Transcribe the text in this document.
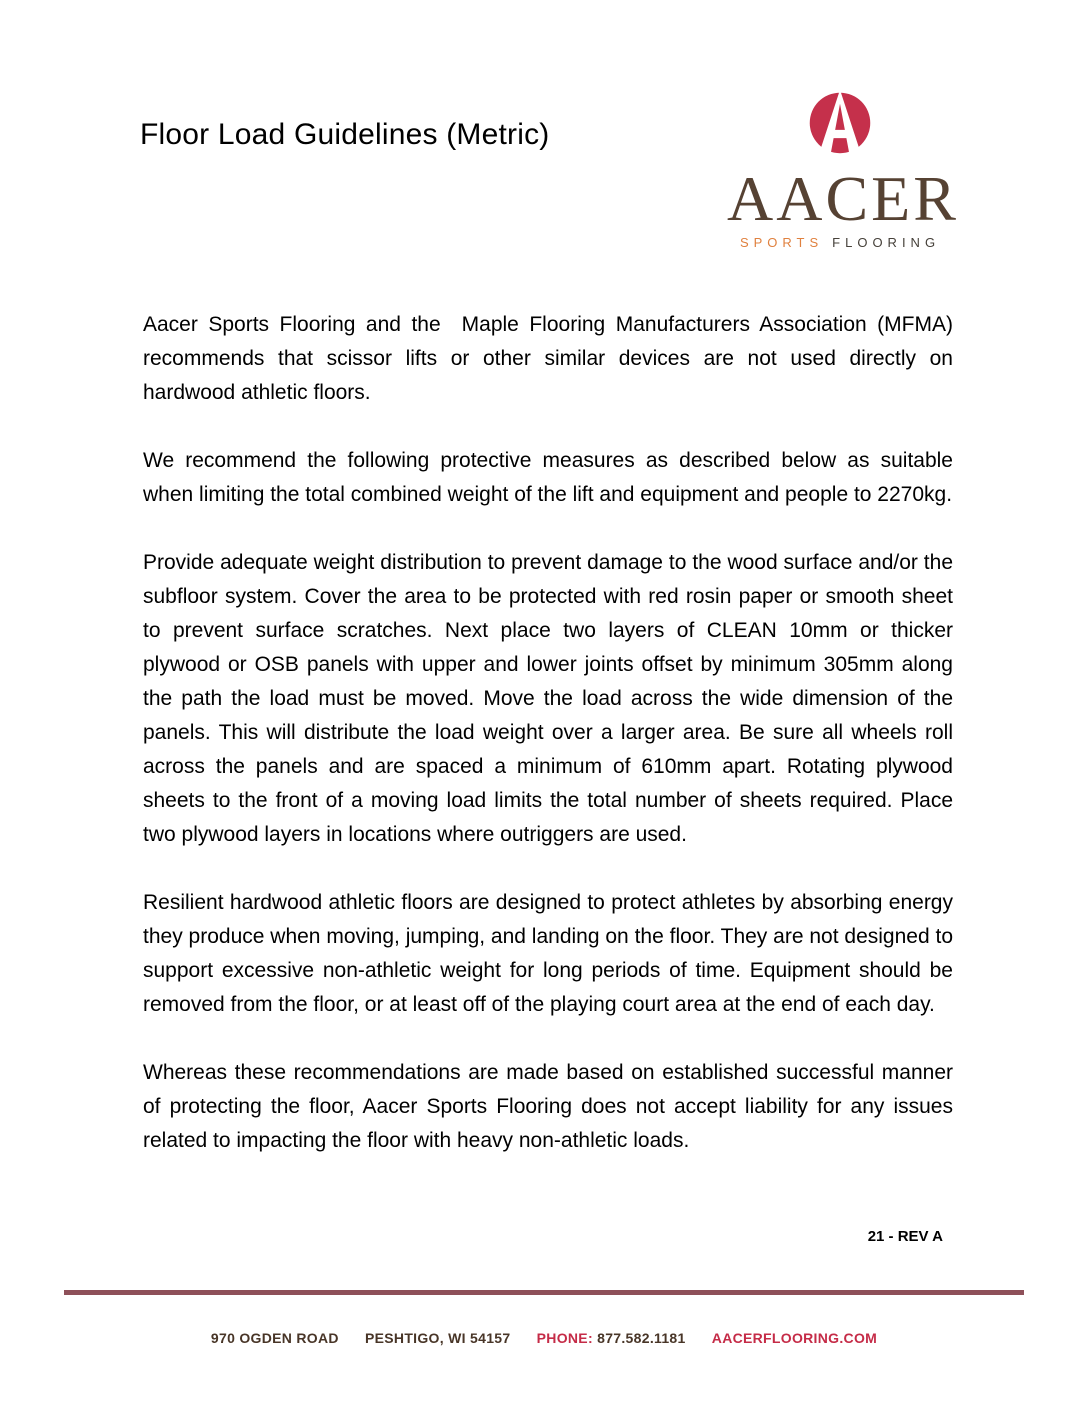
Floor Load Guidelines (Metric)
AACER
SPORTS FLOORING

Aacer Sports Flooring and the  Maple Flooring Manufacturers Association (MFMA) recommends that scissor lifts or other similar devices are not used directly on hardwood athletic floors.

We recommend the following protective measures as described below as suitable when limiting the total combined weight of the lift and equipment and people to 2270kg.

Provide adequate weight distribution to prevent damage to the wood surface and/or the subfloor system. Cover the area to be protected with red rosin paper or smooth sheet to prevent surface scratches. Next place two layers of CLEAN 10mm or thicker plywood or OSB panels with upper and lower joints offset by minimum 305mm along the path the load must be moved. Move the load across the wide dimension of the panels. This will distribute the load weight over a larger area. Be sure all wheels roll across the panels and are spaced a minimum of 610mm apart. Rotating plywood sheets to the front of a moving load limits the total number of sheets required. Place two plywood layers in locations where outriggers are used.

Resilient hardwood athletic floors are designed to protect athletes by absorbing energy they produce when moving, jumping, and landing on the floor. They are not designed to support excessive non-athletic weight for long periods of time. Equipment should be removed from the floor, or at least off of the playing court area at the end of each day.

Whereas these recommendations are made based on established successful manner of protecting the floor, Aacer Sports Flooring does not accept liability for any issues related to impacting the floor with heavy non-athletic loads.

21 - REV A
970 OGDEN ROAD PESHTIGO, WI 54157 PHONE: 877.582.1181 AACERFLOORING.COM
